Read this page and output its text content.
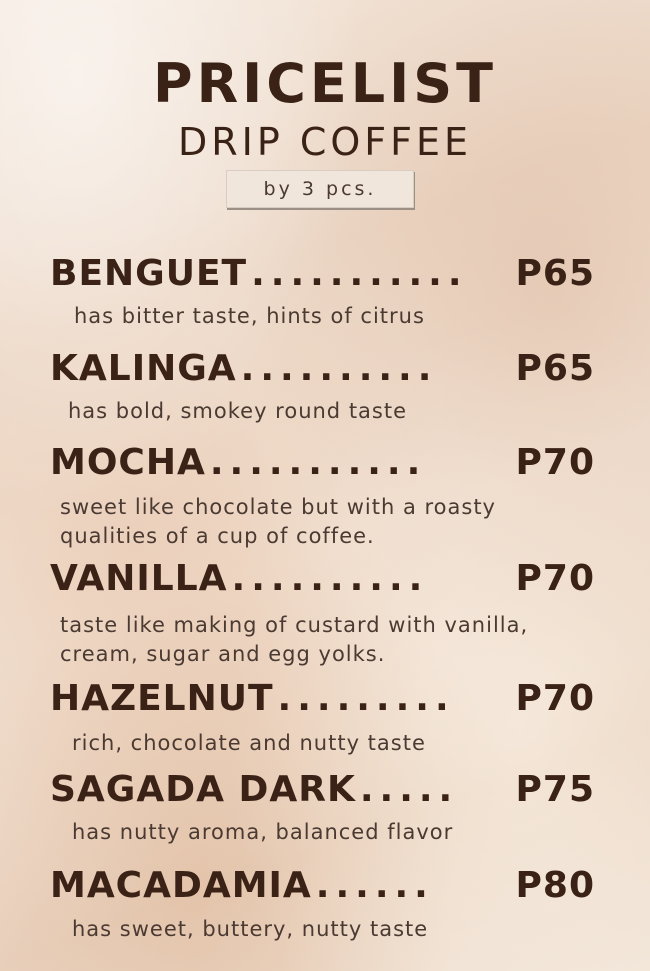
PRICELIST
DRIP COFFEE
by 3 pcs.
BENGUET ...........	P65
has bitter taste, hints of citrus
KALINGA ..........	P65
has bold, smokey round taste
MOCHA ...........	P70
sweet like chocolate but with a roasty
qualities of a cup of coffee.
VANILLA ..........	P70
taste like making of custard with vanilla,
cream, sugar and egg yolks.
HAZELNUT .........	P70
rich, chocolate and nutty taste
SAGADA DARK .....	P75
has nutty aroma, balanced flavor
MACADAMIA ......	P80
has sweet, buttery, nutty taste
